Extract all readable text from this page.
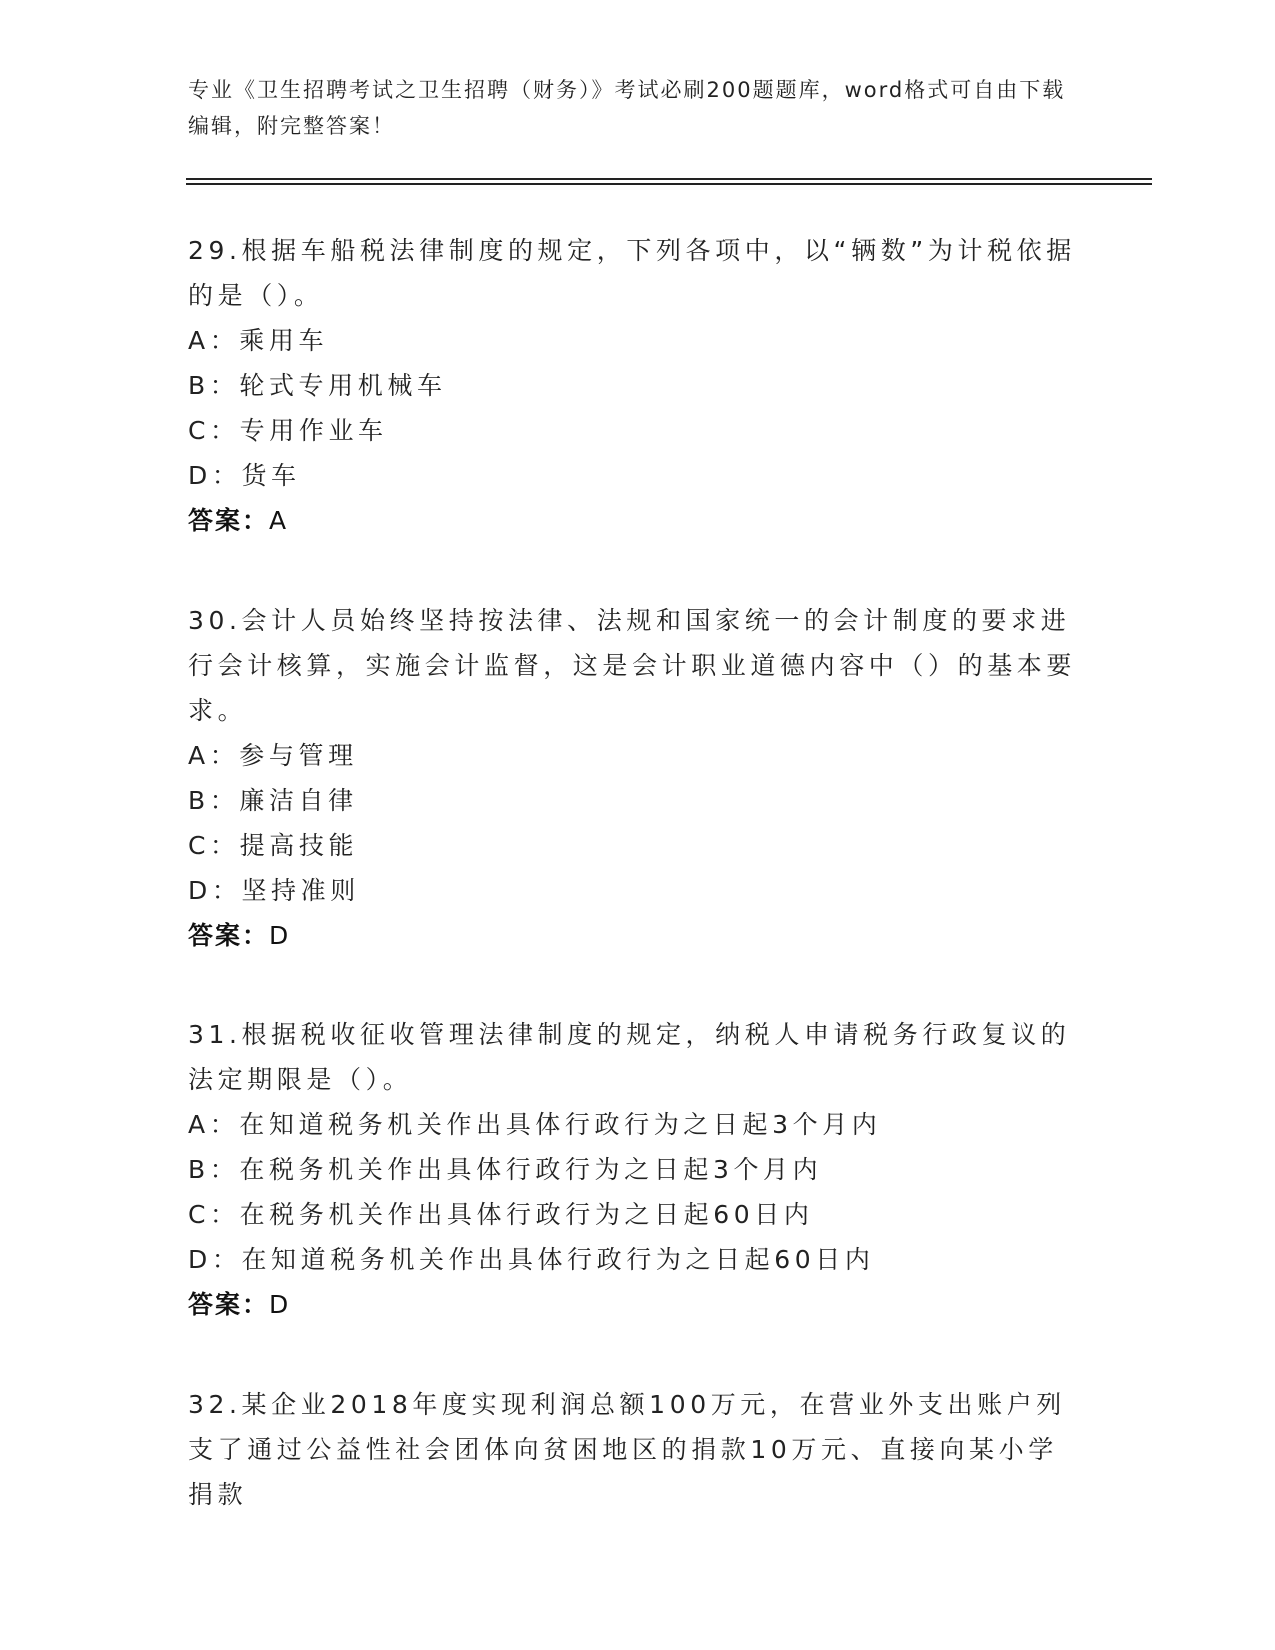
专业《卫生招聘考试之卫生招聘（财务）》考试必刷200题题库，word格式可自由下载编辑，附完整答案！

29.根据车船税法律制度的规定，下列各项中，以“辆数”为计税依据的是（）。

A：乘用车

B：轮式专用机械车

C：专用作业车

D：货车

答案：A

30.会计人员始终坚持按法律、法规和国家统一的会计制度的要求进行会计核算，实施会计监督，这是会计职业道德内容中（）的基本要求。

A：参与管理

B：廉洁自律

C：提高技能

D：坚持准则

答案：D

31.根据税收征收管理法律制度的规定，纳税人申请税务行政复议的法定期限是（）。

A：在知道税务机关作出具体行政行为之日起3个月内

B：在税务机关作出具体行政行为之日起3个月内

C：在税务机关作出具体行政行为之日起60日内

D：在知道税务机关作出具体行政行为之日起60日内

答案：D

32.某企业2018年度实现利润总额100万元，在营业外支出账户列支了通过公益性社会团体向贫困地区的捐款10万元、直接向某小学捐款
